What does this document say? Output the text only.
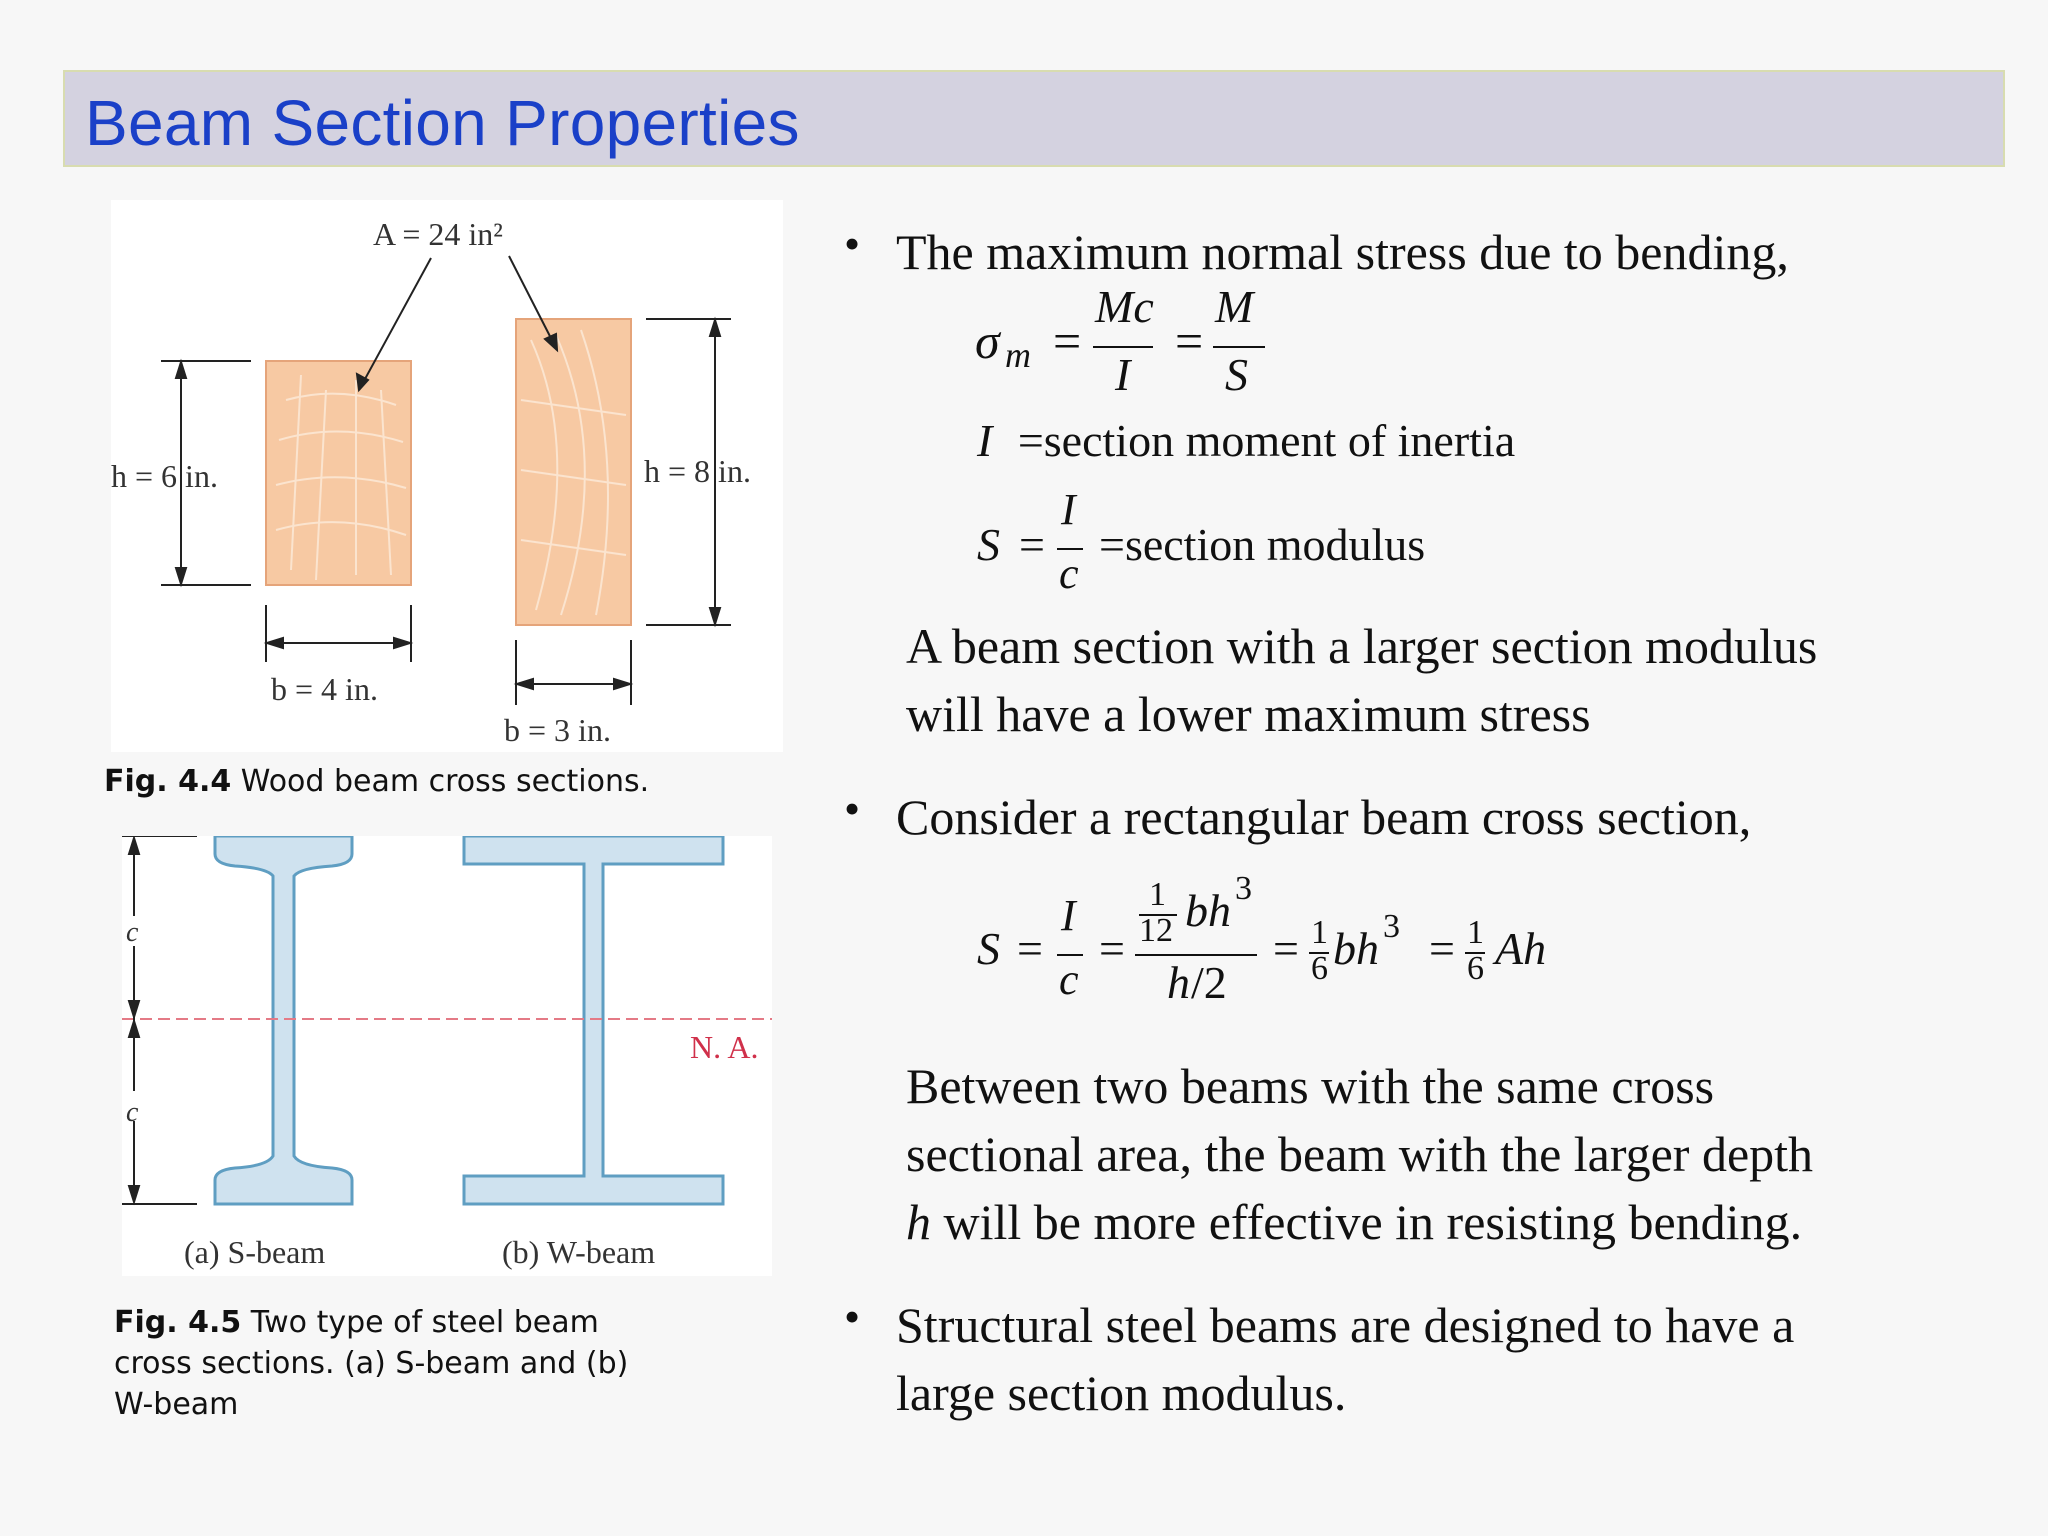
Beam Section Properties
A = 24 in²
h = 6 in.	h = 8 in.
b = 4 in.
b = 3 in.
Fig. 4.4 Wood beam cross sections.
N. A.
c
c
(a) S-beam	(b) W-beam
Fig. 4.5 Two type of steel beam
cross sections. (a) S-beam and (b)
W-beam
• The maximum normal stress due to bending,
σ m =
Mc
I
=
M
S
I =section moment of inertia
S =
I
c
=section modulus
A beam section with a larger section modulus
will have a lower maximum stress
• Consider a rectangular beam cross section,
S =
I
c
=
1
12 bh 3
h /2
= 1
6 bh 3 = 1
6 Ah
Between two beams with the same cross
sectional area, the beam with the larger depth
h will be more effective in resisting bending.
• Structural steel beams are designed to have a
large section modulus.
